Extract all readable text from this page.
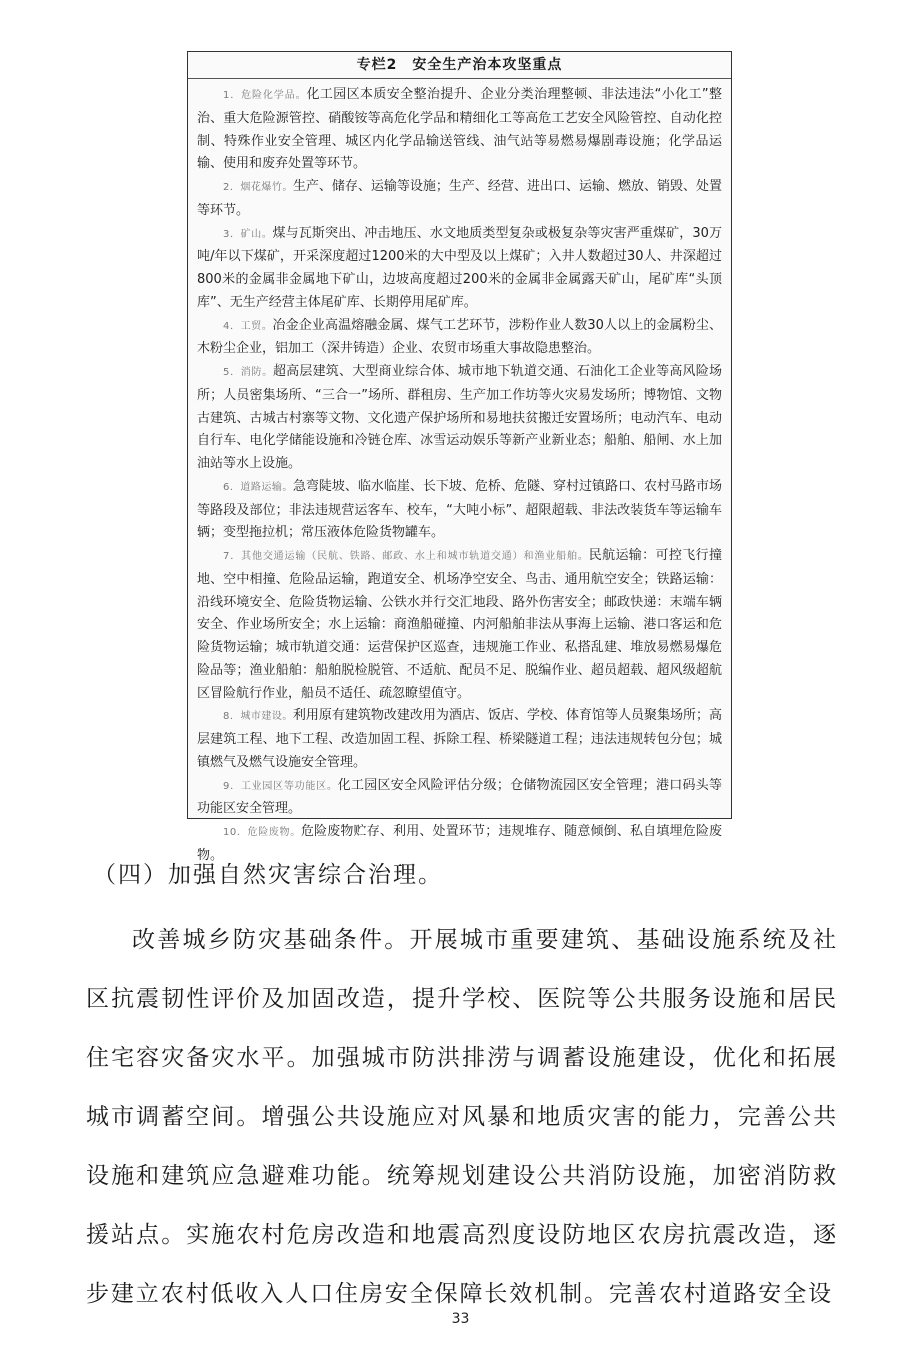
专栏2　安全生产治本攻坚重点

1．危险化学品。化工园区本质安全整治提升、企业分类治理整顿、非法违法“小化工”整治、重大危险源管控、硝酸铵等高危化学品和精细化工等高危工艺安全风险管控、自动化控制、特殊作业安全管理、城区内化学品输送管线、油气站等易燃易爆剧毒设施；化学品运输、使用和废弃处置等环节。

2．烟花爆竹。生产、储存、运输等设施；生产、经营、进出口、运输、燃放、销毁、处置等环节。

3．矿山。煤与瓦斯突出、冲击地压、水文地质类型复杂或极复杂等灾害严重煤矿，30万吨/年以下煤矿，开采深度超过1200米的大中型及以上煤矿；入井人数超过30人、井深超过800米的金属非金属地下矿山，边坡高度超过200米的金属非金属露天矿山，尾矿库“头顶库”、无生产经营主体尾矿库、长期停用尾矿库。

4．工贸。冶金企业高温熔融金属、煤气工艺环节，涉粉作业人数30人以上的金属粉尘、木粉尘企业，铝加工（深井铸造）企业、农贸市场重大事故隐患整治。

5．消防。超高层建筑、大型商业综合体、城市地下轨道交通、石油化工企业等高风险场所；人员密集场所、“三合一”场所、群租房、生产加工作坊等火灾易发场所；博物馆、文物古建筑、古城古村寨等文物、文化遗产保护场所和易地扶贫搬迁安置场所；电动汽车、电动自行车、电化学储能设施和冷链仓库、冰雪运动娱乐等新产业新业态；船舶、船闸、水上加油站等水上设施。

6．道路运输。急弯陡坡、临水临崖、长下坡、危桥、危隧、穿村过镇路口、农村马路市场等路段及部位；非法违规营运客车、校车，“大吨小标”、超限超载、非法改装货车等运输车辆；变型拖拉机；常压液体危险货物罐车。

7．其他交通运输（民航、铁路、邮政、水上和城市轨道交通）和渔业船舶。民航运输：可控飞行撞地、空中相撞、危险品运输，跑道安全、机场净空安全、鸟击、通用航空安全；铁路运输：沿线环境安全、危险货物运输、公铁水并行交汇地段、路外伤害安全；邮政快递：末端车辆安全、作业场所安全；水上运输：商渔船碰撞、内河船舶非法从事海上运输、港口客运和危险货物运输；城市轨道交通：运营保护区巡查，违规施工作业、私搭乱建、堆放易燃易爆危险品等；渔业船舶：船舶脱检脱管、不适航、配员不足、脱编作业、超员超载、超风级超航区冒险航行作业，船员不适任、疏忽瞭望值守。

8．城市建设。利用原有建筑物改建改用为酒店、饭店、学校、体育馆等人员聚集场所；高层建筑工程、地下工程、改造加固工程、拆除工程、桥梁隧道工程；违法违规转包分包；城镇燃气及燃气设施安全管理。

9．工业园区等功能区。化工园区安全风险评估分级；仓储物流园区安全管理；港口码头等功能区安全管理。

10．危险废物。危险废物贮存、利用、处置环节；违规堆存、随意倾倒、私自填埋危险废物。

（四）加强自然灾害综合治理。

改善城乡防灾基础条件。开展城市重要建筑、基础设施系统及社区抗震韧性评价及加固改造，提升学校、医院等公共服务设施和居民住宅容灾备灾水平。加强城市防洪排涝与调蓄设施建设，优化和拓展城市调蓄空间。增强公共设施应对风暴和地质灾害的能力，完善公共设施和建筑应急避难功能。统筹规划建设公共消防设施，加密消防救援站点。实施农村危房改造和地震高烈度设防地区农房抗震改造，逐步建立农村低收入人口住房安全保障长效机制。完善农村道路安全设

33
